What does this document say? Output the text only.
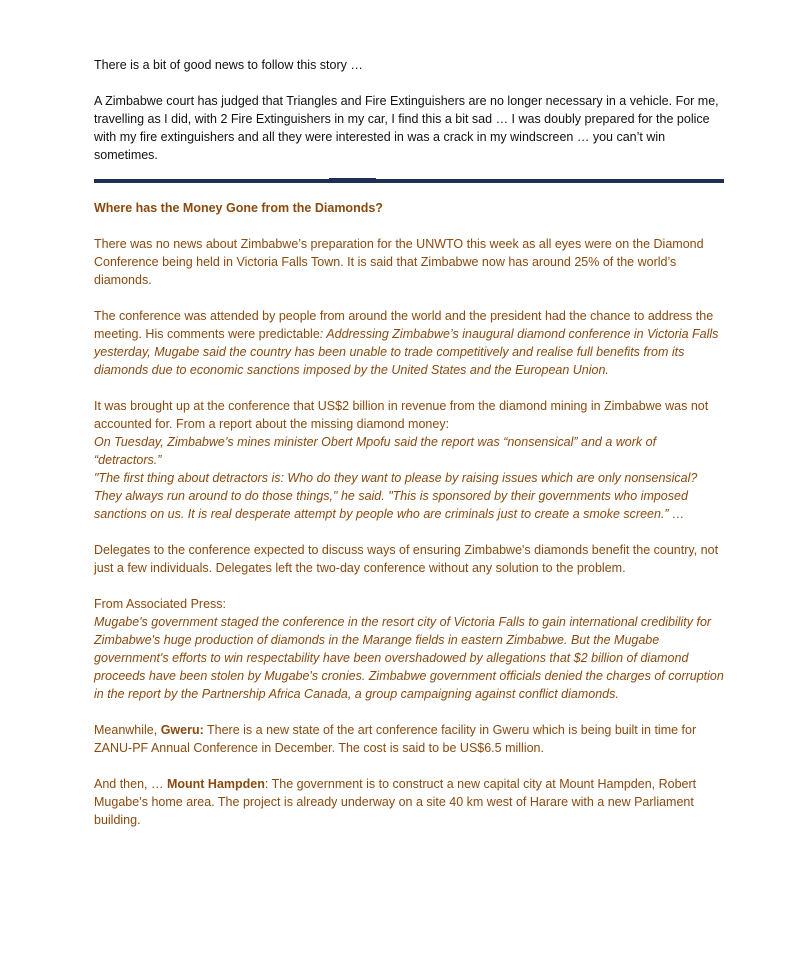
There is a bit of good news to follow this story …

A Zimbabwe court has judged that Triangles and Fire Extinguishers are no longer necessary in a vehicle. For me, travelling as I did, with 2 Fire Extinguishers in my car, I find this a bit sad … I was doubly prepared for the police with my fire extinguishers and all they were interested in was a crack in my windscreen … you can’t win sometimes.

Where has the Money Gone from the Diamonds?

There was no news about Zimbabwe’s preparation for the UNWTO this week as all eyes were on the Diamond Conference being held in Victoria Falls Town. It is said that Zimbabwe now has around 25% of the world’s diamonds.

The conference was attended by people from around the world and the president had the chance to address the meeting. His comments were predictable: Addressing Zimbabwe’s inaugural diamond conference in Victoria Falls yesterday, Mugabe said the country has been unable to trade competitively and realise full benefits from its diamonds due to economic sanctions imposed by the United States and the European Union.

It was brought up at the conference that US$2 billion in revenue from the diamond mining in Zimbabwe was not accounted for. From a report about the missing diamond money:

On Tuesday, Zimbabwe’s mines minister Obert Mpofu said the report was “nonsensical” and a work of “detractors.”

"The first thing about detractors is: Who do they want to please by raising issues which are only nonsensical? They always run around to do those things," he said. "This is sponsored by their governments who imposed sanctions on us. It is real desperate attempt by people who are criminals just to create a smoke screen.” …

Delegates to the conference expected to discuss ways of ensuring Zimbabwe's diamonds benefit the country, not just a few individuals. Delegates left the two-day conference without any solution to the problem.

From Associated Press:

Mugabe's government staged the conference in the resort city of Victoria Falls to gain international credibility for Zimbabwe's huge production of diamonds in the Marange fields in eastern Zimbabwe. But the Mugabe government's efforts to win respectability have been overshadowed by allegations that $2 billion of diamond proceeds have been stolen by Mugabe's cronies. Zimbabwe government officials denied the charges of corruption in the report by the Partnership Africa Canada, a group campaigning against conflict diamonds.

Meanwhile, Gweru: There is a new state of the art conference facility in Gweru which is being built in time for ZANU-PF Annual Conference in December. The cost is said to be US$6.5 million.

And then, … Mount Hampden: The government is to construct a new capital city at Mount Hampden, Robert Mugabe’s home area. The project is already underway on a site 40 km west of Harare with a new Parliament building.
